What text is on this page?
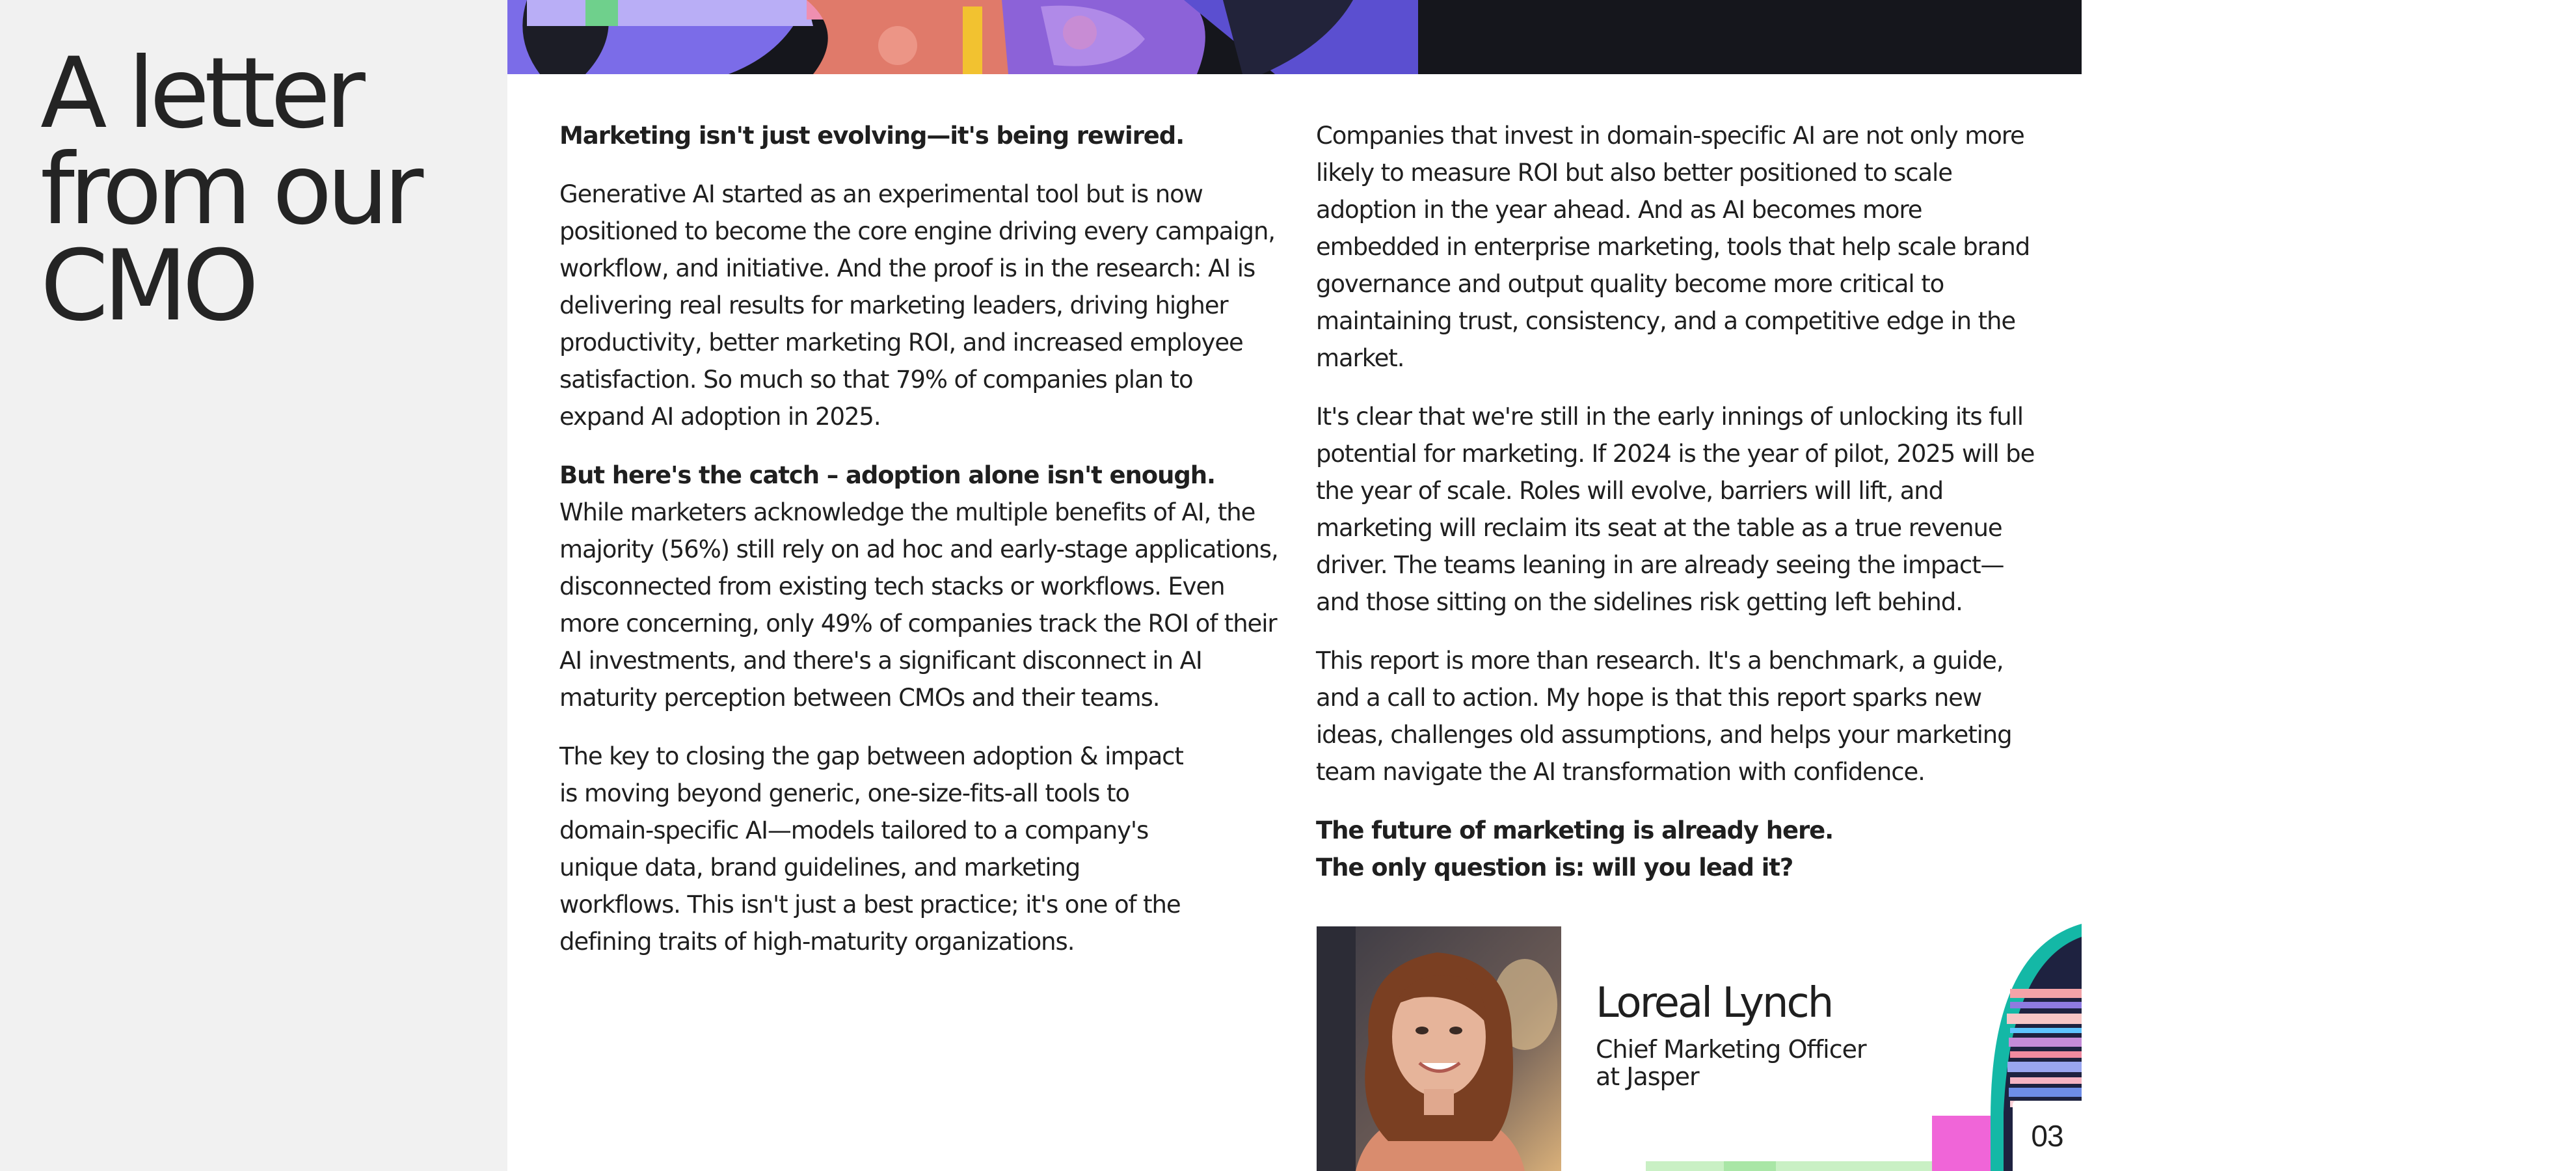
A letter from our CMO
Jasper The State of AI in Marketing 2025

Marketing isn't just evolving—it's being rewired.

Generative AI started as an experimental tool but is now positioned to become the core engine driving every campaign, workflow, and initiative. And the proof is in the research: AI is delivering real results for marketing leaders, driving higher productivity, better marketing ROI, and increased employee satisfaction. So much so that 79% of companies plan to expand AI adoption in 2025.

But here's the catch – adoption alone isn't enough. While marketers acknowledge the multiple benefits of AI, the majority (56%) still rely on ad hoc and early-stage applications, disconnected from existing tech stacks or workflows. Even more concerning, only 49% of companies track the ROI of their AI investments, and there's a significant disconnect in AI maturity perception between CMOs and their teams.

The key to closing the gap between adoption & impact is moving beyond generic, one-size-fits-all tools to domain-specific AI—models tailored to a company's unique data, brand guidelines, and marketing workflows. This isn't just a best practice; it's one of the defining traits of high-maturity organizations.

Companies that invest in domain-specific AI are not only more likely to measure ROI but also better positioned to scale adoption in the year ahead. And as AI becomes more embedded in enterprise marketing, tools that help scale brand governance and output quality become more critical to maintaining trust, consistency, and a competitive edge in the market.

It's clear that we're still in the early innings of unlocking its full potential for marketing. If 2024 is the year of pilot, 2025 will be the year of scale. Roles will evolve, barriers will lift, and marketing will reclaim its seat at the table as a true revenue driver. The teams leaning in are already seeing the impact—and those sitting on the sidelines risk getting left behind.

This report is more than research. It's a benchmark, a guide, and a call to action. My hope is that this report sparks new ideas, challenges old assumptions, and helps your marketing team navigate the AI transformation with confidence.

The future of marketing is already here.
The only question is: will you lead it?

Loreal Lynch
Chief Marketing Officer
at Jasper
03
